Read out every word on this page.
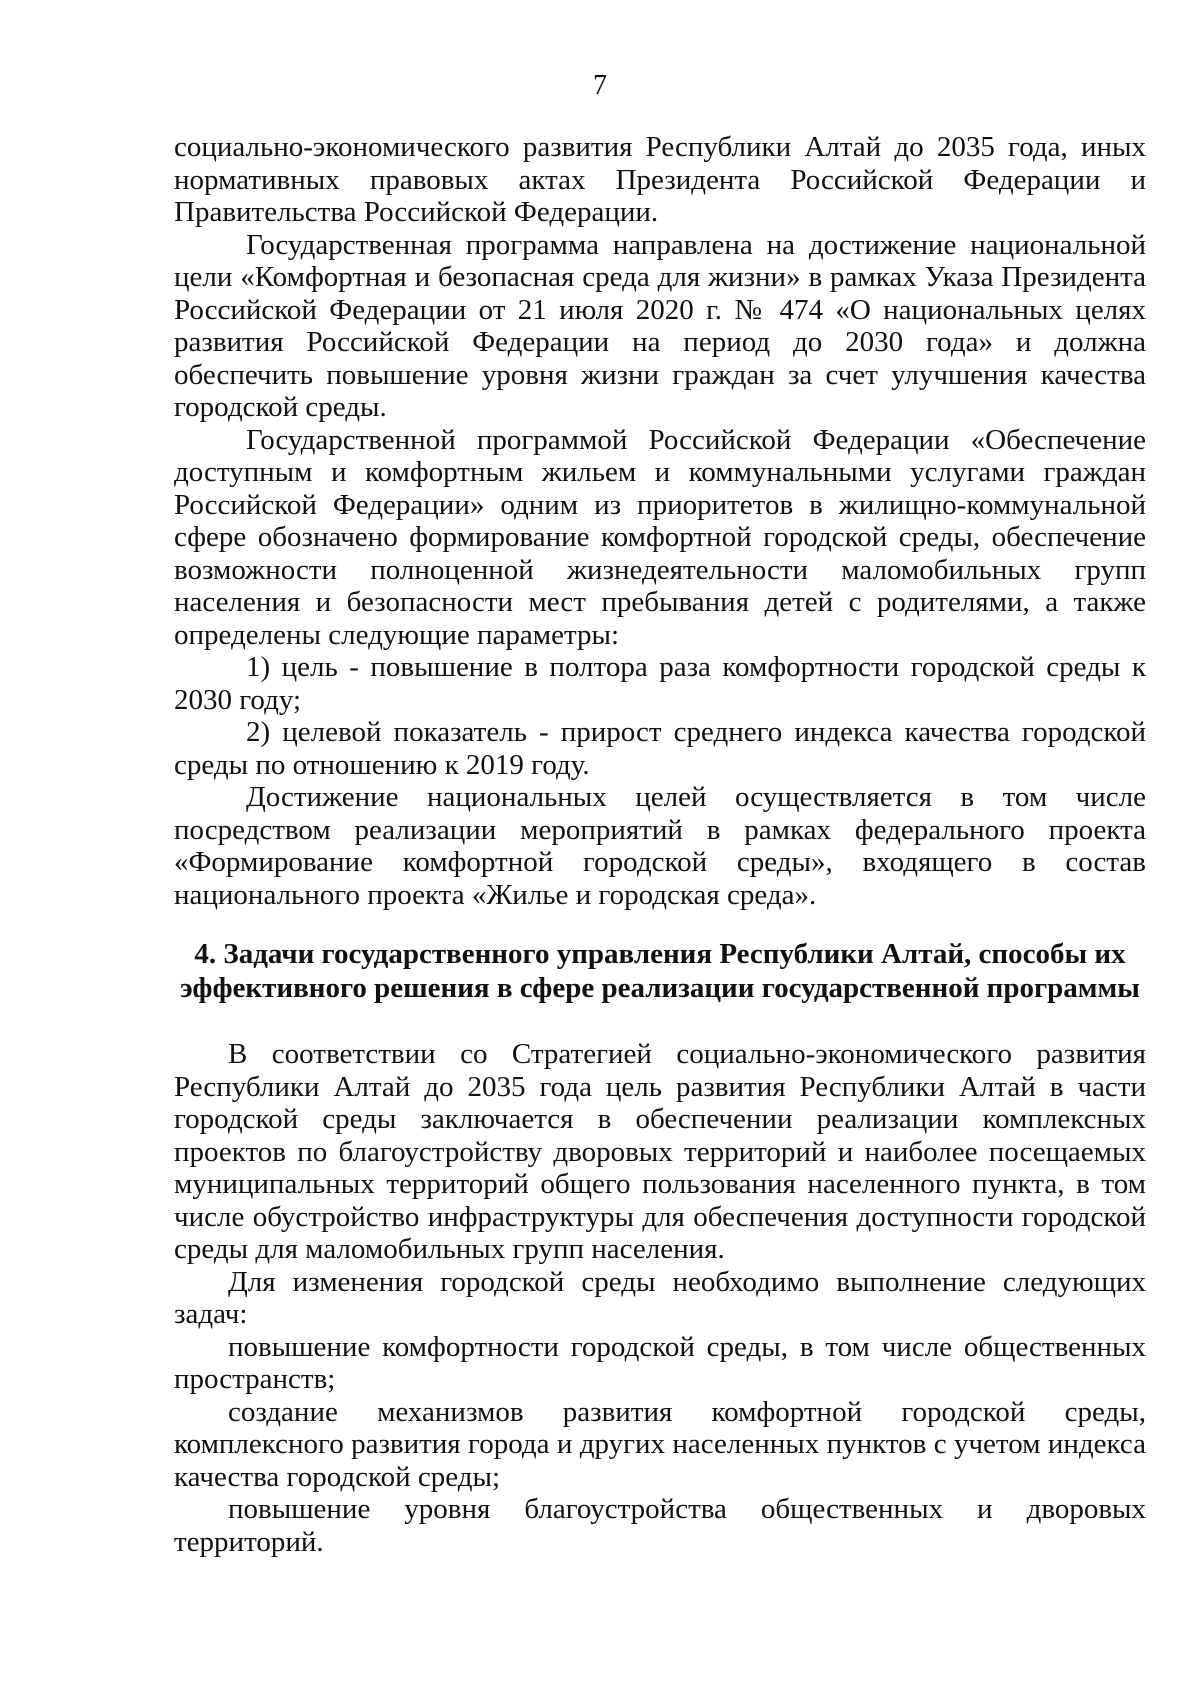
7

социально-экономического развития Республики Алтай до 2035 года, иных нормативных правовых актах Президента Российской Федерации и Правительства Российской Федерации.

Государственная программа направлена на достижение национальной цели «Комфортная и безопасная среда для жизни» в рамках Указа Президента Российской Федерации от 21 июля 2020 г. № 474 «О национальных целях развития Российской Федерации на период до 2030 года» и должна обеспечить повышение уровня жизни граждан за счет улучшения качества городской среды.

Государственной программой Российской Федерации «Обеспечение доступным и комфортным жильем и коммунальными услугами граждан Российской Федерации» одним из приоритетов в жилищно-коммунальной сфере обозначено формирование комфортной городской среды, обеспечение возможности полноценной жизнедеятельности маломобильных групп населения и безопасности мест пребывания детей с родителями, а также определены следующие параметры:

1) цель - повышение в полтора раза комфортности городской среды к 2030 году;

2) целевой показатель - прирост среднего индекса качества городской среды по отношению к 2019 году.

Достижение национальных целей осуществляется в том числе посредством реализации мероприятий в рамках федерального проекта «Формирование комфортной городской среды», входящего в состав национального проекта «Жилье и городская среда».

4. Задачи государственного управления Республики Алтай, способы их эффективного решения в сфере реализации государственной программы

В соответствии со Стратегией социально-экономического развития Республики Алтай до 2035 года цель развития Республики Алтай в части городской среды заключается в обеспечении реализации комплексных проектов по благоустройству дворовых территорий и наиболее посещаемых муниципальных территорий общего пользования населенного пункта, в том числе обустройство инфраструктуры для обеспечения доступности городской среды для маломобильных групп населения.

Для изменения городской среды необходимо выполнение следующих задач:

повышение комфортности городской среды, в том числе общественных пространств;

создание механизмов развития комфортной городской среды, комплексного развития города и других населенных пунктов с учетом индекса качества городской среды;

повышение уровня благоустройства общественных и дворовых территорий.
